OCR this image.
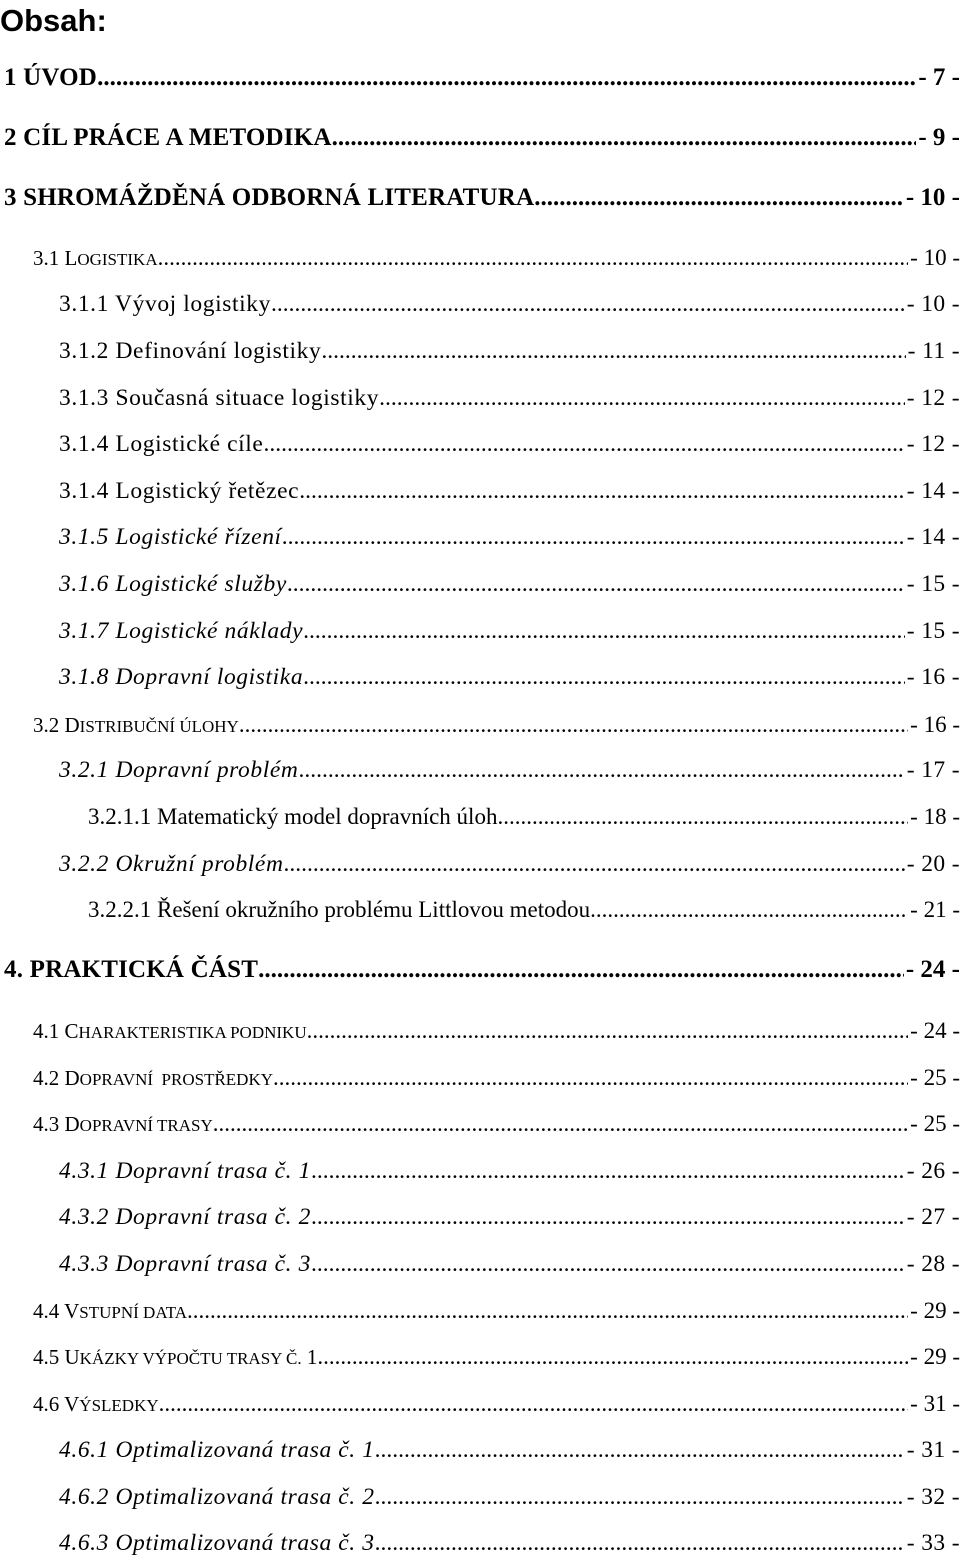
Obsah:
1 ÚVOD .....	- 7 -
2 CÍL PRÁCE A METODIKA .....	- 9 -
3 SHROMÁŽDĚNÁ ODBORNÁ LITERATURA .....	- 10 -
3.1 LOGISTIKA .....	- 10 -
3.1.1 Vývoj logistiky .....	- 10 -
3.1.2 Definování logistiky .....	- 11 -
3.1.3 Současná situace logistiky .....	- 12 -
3.1.4 Logistické cíle .....	- 12 -
3.1.4 Logistický řetězec .....	- 14 -
3.1.5 Logistické řízení .....	- 14 -
3.1.6 Logistické služby .....	- 15 -
3.1.7 Logistické náklady .....	- 15 -
3.1.8 Dopravní logistika .....	- 16 -
3.2 DISTRIBUČNÍ ÚLOHY .....	- 16 -
3.2.1 Dopravní problém .....	- 17 -
3.2.1.1 Matematický model dopravních úloh .....	- 18 -
3.2.2 Okružní problém .....	- 20 -
3.2.2.1 Řešení okružního problému Littlovou metodou .....	- 21 -
4. PRAKTICKÁ ČÁST .....	- 24 -
4.1 CHARAKTERISTIKA PODNIKU .....	- 24 -
4.2 DOPRAVNÍ  PROSTŘEDKY .....	- 25 -
4.3 DOPRAVNÍ TRASY .....	- 25 -
4.3.1 Dopravní trasa č. 1 .....	- 26 -
4.3.2 Dopravní trasa č. 2 .....	- 27 -
4.3.3 Dopravní trasa č. 3 .....	- 28 -
4.4 VSTUPNÍ DATA .....	- 29 -
4.5 UKÁZKY VÝPOČTU TRASY Č. 1 .....	- 29 -
4.6 VÝSLEDKY .....	- 31 -
4.6.1 Optimalizovaná trasa č. 1 .....	- 31 -
4.6.2 Optimalizovaná trasa č. 2 .....	- 32 -
4.6.3 Optimalizovaná trasa č. 3 .....	- 33 -
